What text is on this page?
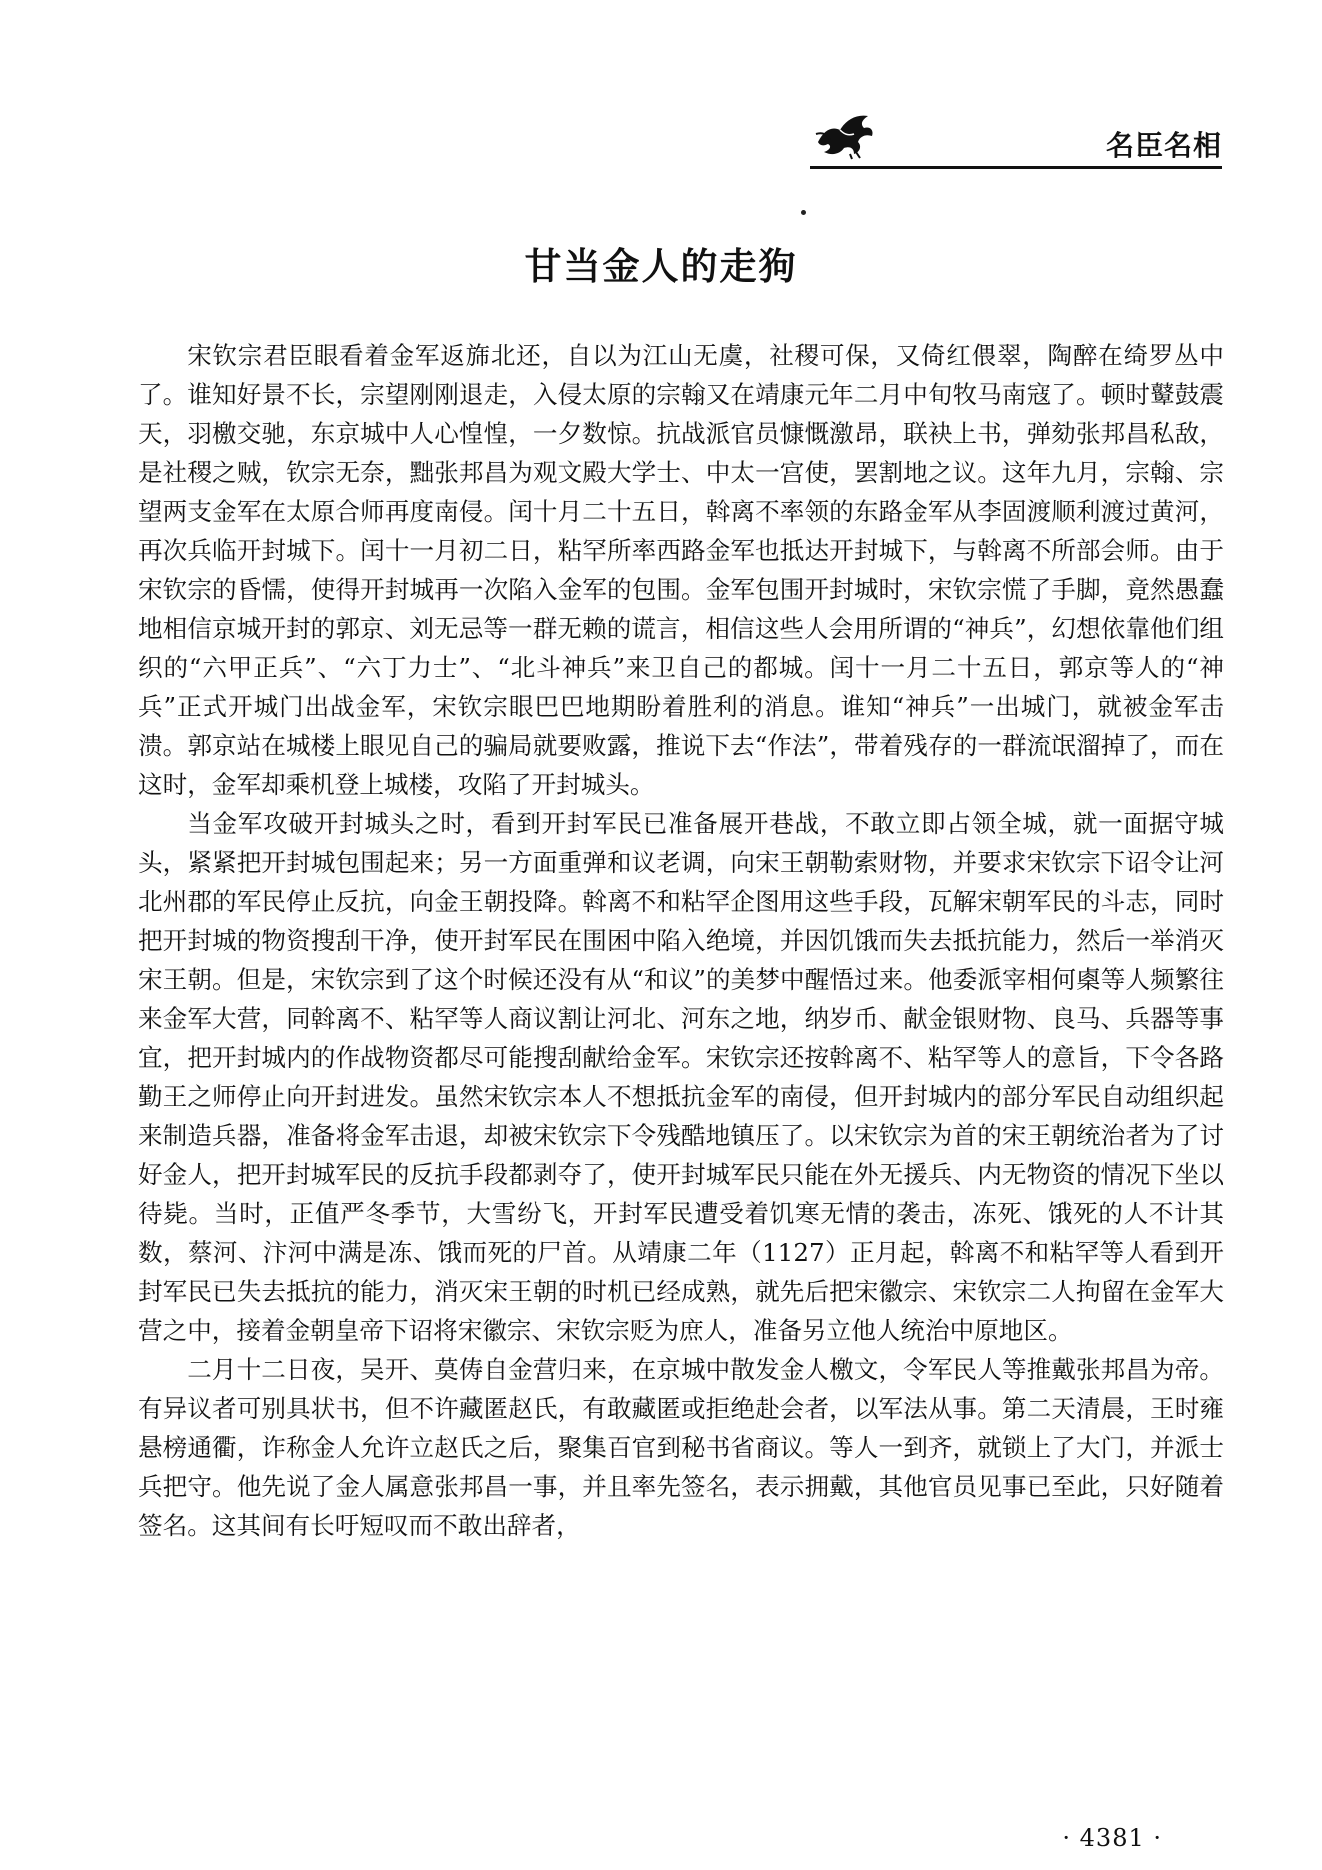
名臣名相
甘当金人的走狗

宋钦宗君臣眼看着金军返旆北还，自以为江山无虞，社稷可保，又倚红偎翠，陶醉在绮罗丛中了。谁知好景不长，宗望刚刚退走，入侵太原的宗翰又在靖康元年二月中旬牧马南寇了。顿时鼙鼓震天，羽檄交驰，东京城中人心惶惶，一夕数惊。抗战派官员慷慨激昂，联袂上书，弹劾张邦昌私敌，是社稷之贼，钦宗无奈，黜张邦昌为观文殿大学士、中太一宫使，罢割地之议。这年九月，宗翰、宗望两支金军在太原合师再度南侵。闰十月二十五日，斡离不率领的东路金军从李固渡顺利渡过黄河，再次兵临开封城下。闰十一月初二日，粘罕所率西路金军也抵达开封城下，与斡离不所部会师。由于宋钦宗的昏懦，使得开封城再一次陷入金军的包围。金军包围开封城时，宋钦宗慌了手脚，竟然愚蠢地相信京城开封的郭京、刘无忌等一群无赖的谎言，相信这些人会用所谓的“神兵”，幻想依靠他们组织的“六甲正兵”、“六丁力士”、“北斗神兵”来卫自己的都城。闰十一月二十五日，郭京等人的“神兵”正式开城门出战金军，宋钦宗眼巴巴地期盼着胜利的消息。谁知“神兵”一出城门，就被金军击溃。郭京站在城楼上眼见自己的骗局就要败露，推说下去“作法”，带着残存的一群流氓溜掉了，而在这时，金军却乘机登上城楼，攻陷了开封城头。

当金军攻破开封城头之时，看到开封军民已准备展开巷战，不敢立即占领全城，就一面据守城头，紧紧把开封城包围起来；另一方面重弹和议老调，向宋王朝勒索财物，并要求宋钦宗下诏令让河北州郡的军民停止反抗，向金王朝投降。斡离不和粘罕企图用这些手段，瓦解宋朝军民的斗志，同时把开封城的物资搜刮干净，使开封军民在围困中陷入绝境，并因饥饿而失去抵抗能力，然后一举消灭宋王朝。但是，宋钦宗到了这个时候还没有从“和议”的美梦中醒悟过来。他委派宰相何㮚等人频繁往来金军大营，同斡离不、粘罕等人商议割让河北、河东之地，纳岁币、献金银财物、良马、兵器等事宜，把开封城内的作战物资都尽可能搜刮献给金军。宋钦宗还按斡离不、粘罕等人的意旨，下令各路勤王之师停止向开封进发。虽然宋钦宗本人不想抵抗金军的南侵，但开封城内的部分军民自动组织起来制造兵器，准备将金军击退，却被宋钦宗下令残酷地镇压了。以宋钦宗为首的宋王朝统治者为了讨好金人，把开封城军民的反抗手段都剥夺了，使开封城军民只能在外无援兵、内无物资的情况下坐以待毙。当时，正值严冬季节，大雪纷飞，开封军民遭受着饥寒无情的袭击，冻死、饿死的人不计其数，蔡河、汴河中满是冻、饿而死的尸首。从靖康二年（1127）正月起，斡离不和粘罕等人看到开封军民已失去抵抗的能力，消灭宋王朝的时机已经成熟，就先后把宋徽宗、宋钦宗二人拘留在金军大营之中，接着金朝皇帝下诏将宋徽宗、宋钦宗贬为庶人，准备另立他人统治中原地区。

二月十二日夜，吴开、莫俦自金营归来，在京城中散发金人檄文，令军民人等推戴张邦昌为帝。有异议者可别具状书，但不许藏匿赵氏，有敢藏匿或拒绝赴会者，以军法从事。第二天清晨，王时雍悬榜通衢，诈称金人允许立赵氏之后，聚集百官到秘书省商议。等人一到齐，就锁上了大门，并派士兵把守。他先说了金人属意张邦昌一事，并且率先签名，表示拥戴，其他官员见事已至此，只好随着签名。这其间有长吁短叹而不敢出辞者，

· 4381 ·
